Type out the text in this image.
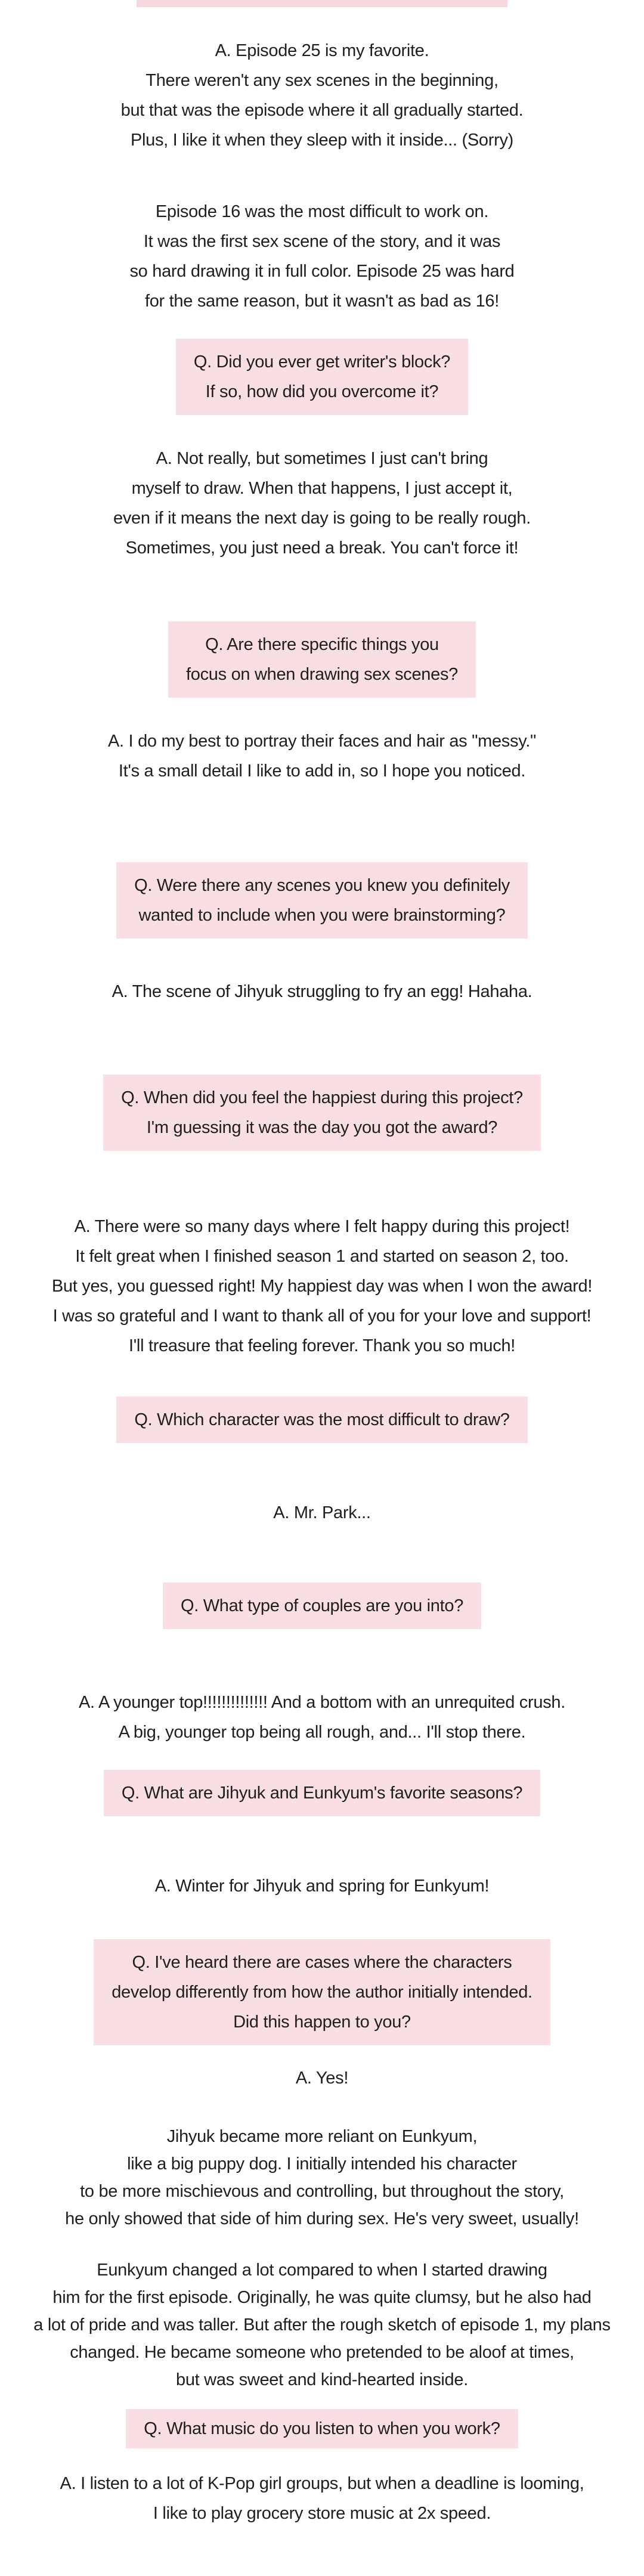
A. Episode 25 is my favorite.
There weren't any sex scenes in the beginning,
but that was the episode where it all gradually started.
Plus, I like it when they sleep with it inside... (Sorry)
Episode 16 was the most difficult to work on.
It was the first sex scene of the story, and it was
so hard drawing it in full color. Episode 25 was hard
for the same reason, but it wasn't as bad as 16!
Q. Did you ever get writer's block?
If so, how did you overcome it?
A. Not really, but sometimes I just can't bring
myself to draw. When that happens, I just accept it,
even if it means the next day is going to be really rough.
Sometimes, you just need a break. You can't force it!
Q. Are there specific things you
focus on when drawing sex scenes?
A. I do my best to portray their faces and hair as "messy."
It's a small detail I like to add in, so I hope you noticed.
Q. Were there any scenes you knew you definitely
wanted to include when you were brainstorming?
A. The scene of Jihyuk struggling to fry an egg! Hahaha.
Q. When did you feel the happiest during this project?
I'm guessing it was the day you got the award?
A. There were so many days where I felt happy during this project!
It felt great when I finished season 1 and started on season 2, too.
But yes, you guessed right! My happiest day was when I won the award!
I was so grateful and I want to thank all of you for your love and support!
I'll treasure that feeling forever. Thank you so much!
Q. Which character was the most difficult to draw?
A. Mr. Park...
Q. What type of couples are you into?
A. A younger top!!!!!!!!!!!!!! And a bottom with an unrequited crush.
A big, younger top being all rough, and... I'll stop there.
Q. What are Jihyuk and Eunkyum's favorite seasons?
A. Winter for Jihyuk and spring for Eunkyum!
Q. I've heard there are cases where the characters
develop differently from how the author initially intended.
Did this happen to you?
A. Yes!
Jihyuk became more reliant on Eunkyum,
like a big puppy dog. I initially intended his character
to be more mischievous and controlling, but throughout the story,
he only showed that side of him during sex. He's very sweet, usually!
Eunkyum changed a lot compared to when I started drawing
him for the first episode. Originally, he was quite clumsy, but he also had
a lot of pride and was taller. But after the rough sketch of episode 1, my plans
changed. He became someone who pretended to be aloof at times,
but was sweet and kind-hearted inside.
Q. What music do you listen to when you work?
A. I listen to a lot of K-Pop girl groups, but when a deadline is looming,
I like to play grocery store music at 2x speed.
